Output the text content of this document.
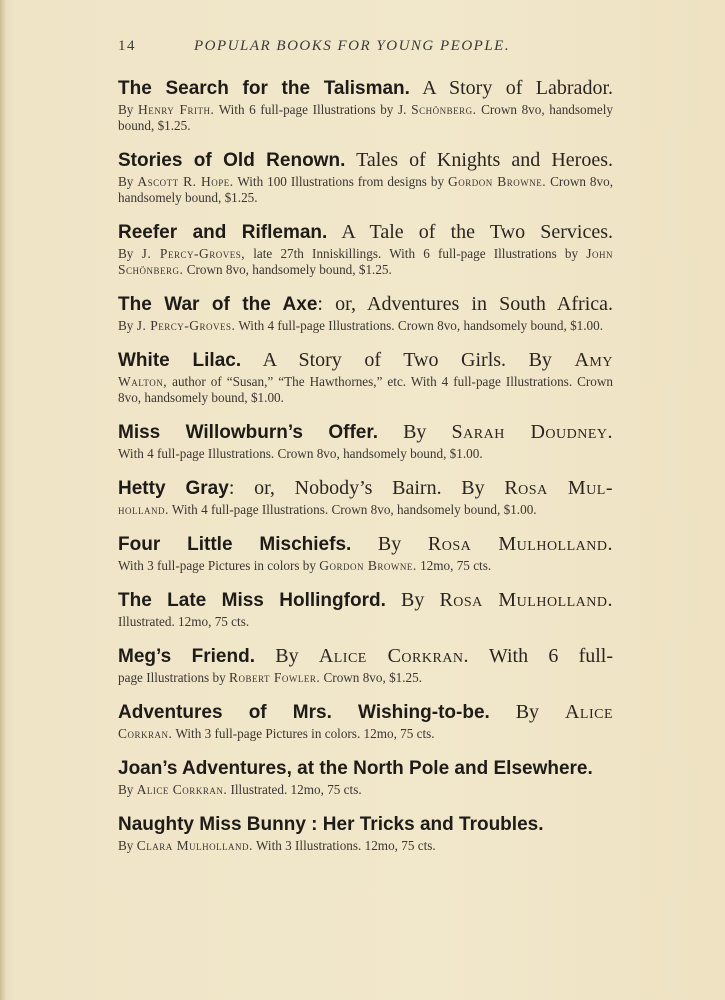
14	POPULAR BOOKS FOR YOUNG PEOPLE.

The Search for the Talisman. A Story of Labrador.

By Henry Frith. With 6 full-page Illustrations by J. Schönberg. Crown 8vo, handsomely bound, $1.25.

Stories of Old Renown. Tales of Knights and Heroes.

By Ascott R. Hope. With 100 Illustrations from designs by Gordon Browne. Crown 8vo, handsomely bound, $1.25.

Reefer and Rifleman. A Tale of the Two Services.

By J. Percy-Groves, late 27th Inniskillings. With 6 full-page Illustrations by John Schönberg. Crown 8vo, handsomely bound, $1.25.

The War of the Axe: or, Adventures in South Africa.

By J. Percy-Groves. With 4 full-page Illustrations. Crown 8vo, handsomely bound, $1.00.

White Lilac. A Story of Two Girls. By Amy

Walton, author of “Susan,” “The Hawthornes,” etc. With 4 full-page Illustrations. Crown 8vo, handsomely bound, $1.00.

Miss Willowburn’s Offer. By Sarah Doudney.

With 4 full-page Illustrations. Crown 8vo, handsomely bound, $1.00.

Hetty Gray: or, Nobody’s Bairn. By Rosa Mul-

holland. With 4 full-page Illustrations. Crown 8vo, handsomely bound, $1.00.

Four Little Mischiefs. By Rosa Mulholland.

With 3 full-page Pictures in colors by Gordon Browne. 12mo, 75 cts.

The Late Miss Hollingford. By Rosa Mulholland.

Illustrated. 12mo, 75 cts.

Meg’s Friend. By Alice Corkran. With 6 full-

page Illustrations by Robert Fowler. Crown 8vo, $1.25.

Adventures of Mrs. Wishing-to-be. By Alice

Corkran. With 3 full-page Pictures in colors. 12mo, 75 cts.

Joan’s Adventures, at the North Pole and Elsewhere.

By Alice Corkran. Illustrated. 12mo, 75 cts.

Naughty Miss Bunny : Her Tricks and Troubles.

By Clara Mulholland. With 3 Illustrations. 12mo, 75 cts.
